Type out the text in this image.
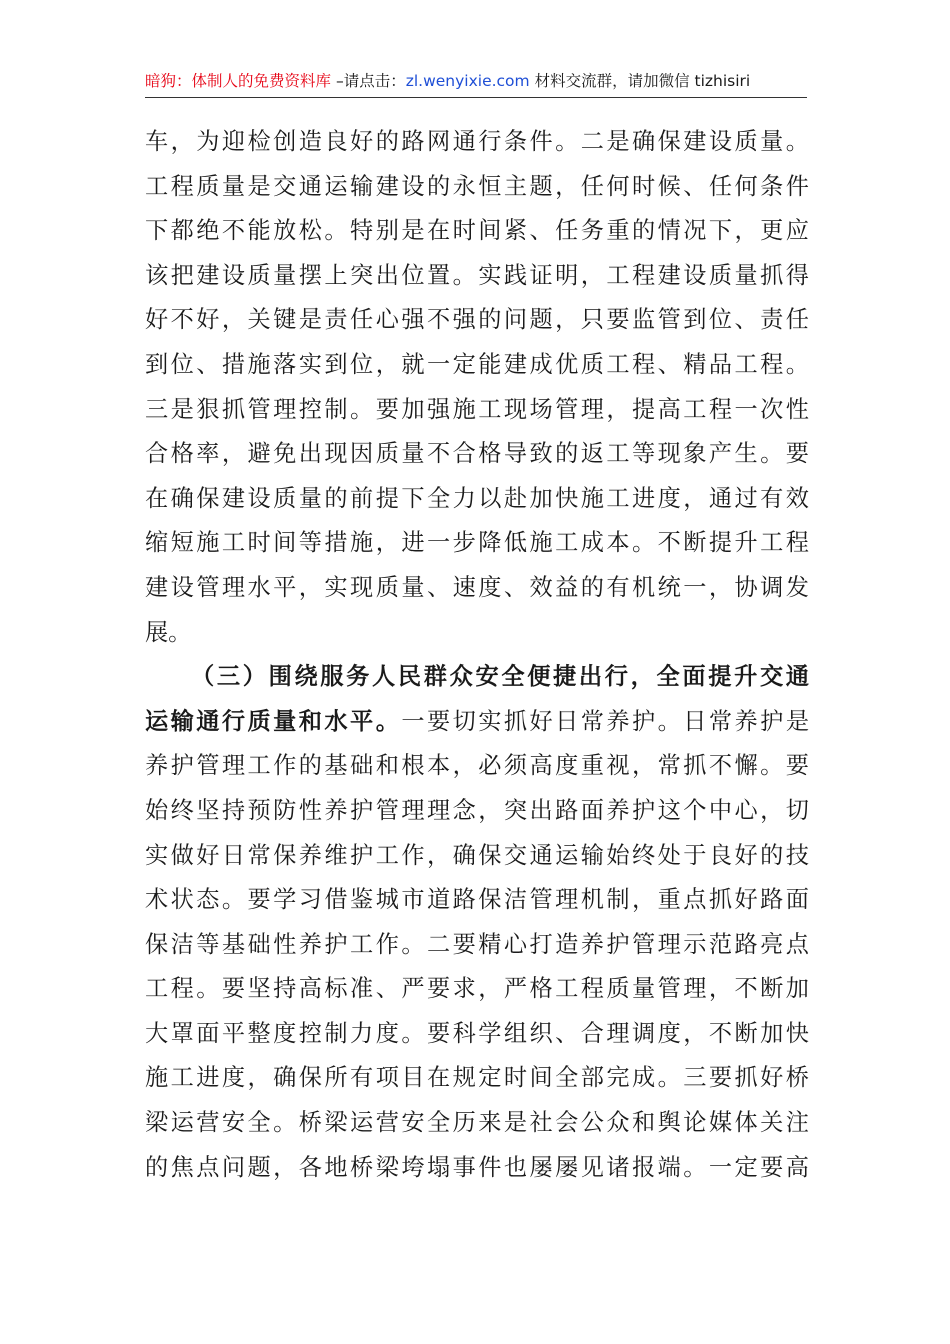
暗狗：体制人的免费资料库 –请点击：zl.wenyixie.com 材料交流群，请加微信 tizhisiri
车，为迎检创造良好的路网通行条件。二是确保建设质量。
工程质量是交通运输建设的永恒主题，任何时候、任何条件
下都绝不能放松。特别是在时间紧、任务重的情况下，更应
该把建设质量摆上突出位置。实践证明，工程建设质量抓得
好不好，关键是责任心强不强的问题，只要监管到位、责任
到位、措施落实到位，就一定能建成优质工程、精品工程。
三是狠抓管理控制。要加强施工现场管理，提高工程一次性
合格率，避免出现因质量不合格导致的返工等现象产生。要
在确保建设质量的前提下全力以赴加快施工进度，通过有效
缩短施工时间等措施，进一步降低施工成本。不断提升工程
建设管理水平，实现质量、速度、效益的有机统一，协调发
展。
（三）围绕服务人民群众安全便捷出行，全面提升交通
运输通行质量和水平。一要切实抓好日常养护。日常养护是
养护管理工作的基础和根本，必须高度重视，常抓不懈。要
始终坚持预防性养护管理理念，突出路面养护这个中心，切
实做好日常保养维护工作，确保交通运输始终处于良好的技
术状态。要学习借鉴城市道路保洁管理机制，重点抓好路面
保洁等基础性养护工作。二要精心打造养护管理示范路亮点
工程。要坚持高标准、严要求，严格工程质量管理，不断加
大罩面平整度控制力度。要科学组织、合理调度，不断加快
施工进度，确保所有项目在规定时间全部完成。三要抓好桥
梁运营安全。桥梁运营安全历来是社会公众和舆论媒体关注
的焦点问题，各地桥梁垮塌事件也屡屡见诸报端。一定要高
